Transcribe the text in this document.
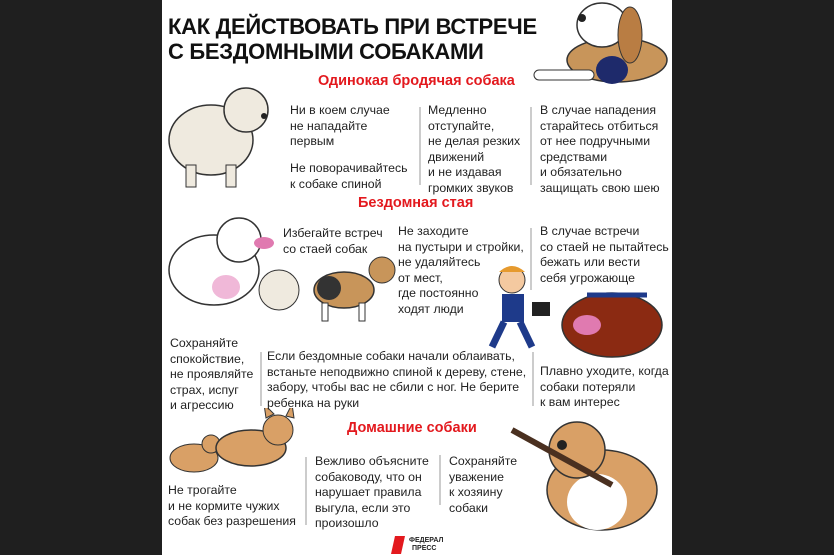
КАК ДЕЙСТВОВАТЬ ПРИ ВСТРЕЧЕ
С БЕЗДОМНЫМИ СОБАКАМИ
Одинокая бродячая собака
Ни в коем случае
не нападайте
первым
Не поворачивайтесь
к собаке спиной
Медленно
отступайте,
не делая резких
движений
и не издавая
громких звуков
В случае нападения
старайтесь отбиться
от нее подручными
средствами
и обязательно
защищать свою шею
Бездомная стая
Избегайте встреч
со стаей собак
Не заходите
на пустыри и стройки,
не удаляйтесь
от мест,
где постоянно
ходят люди
В случае встречи
со стаей не пытайтесь
бежать или вести
себя угрожающе
Сохраняйте
спокойствие,
не проявляйте
страх, испуг
и агрессию
Если бездомные собаки начали облаивать,
встаньте неподвижно спиной к дереву, стене,
забору, чтобы вас не сбили с ног. Не берите
ребенка на руки
Плавно уходите, когда
собаки потеряли
к вам интерес
Домашние собаки
Не трогайте
и не кормите чужих
собак без разрешения
Вежливо объясните
собаководу, что он
нарушает правила
выгула, если это
произошло
Сохраняйте
уважение
к хозяину
собаки
ФЕДЕРАЛ
ПРЕСС
